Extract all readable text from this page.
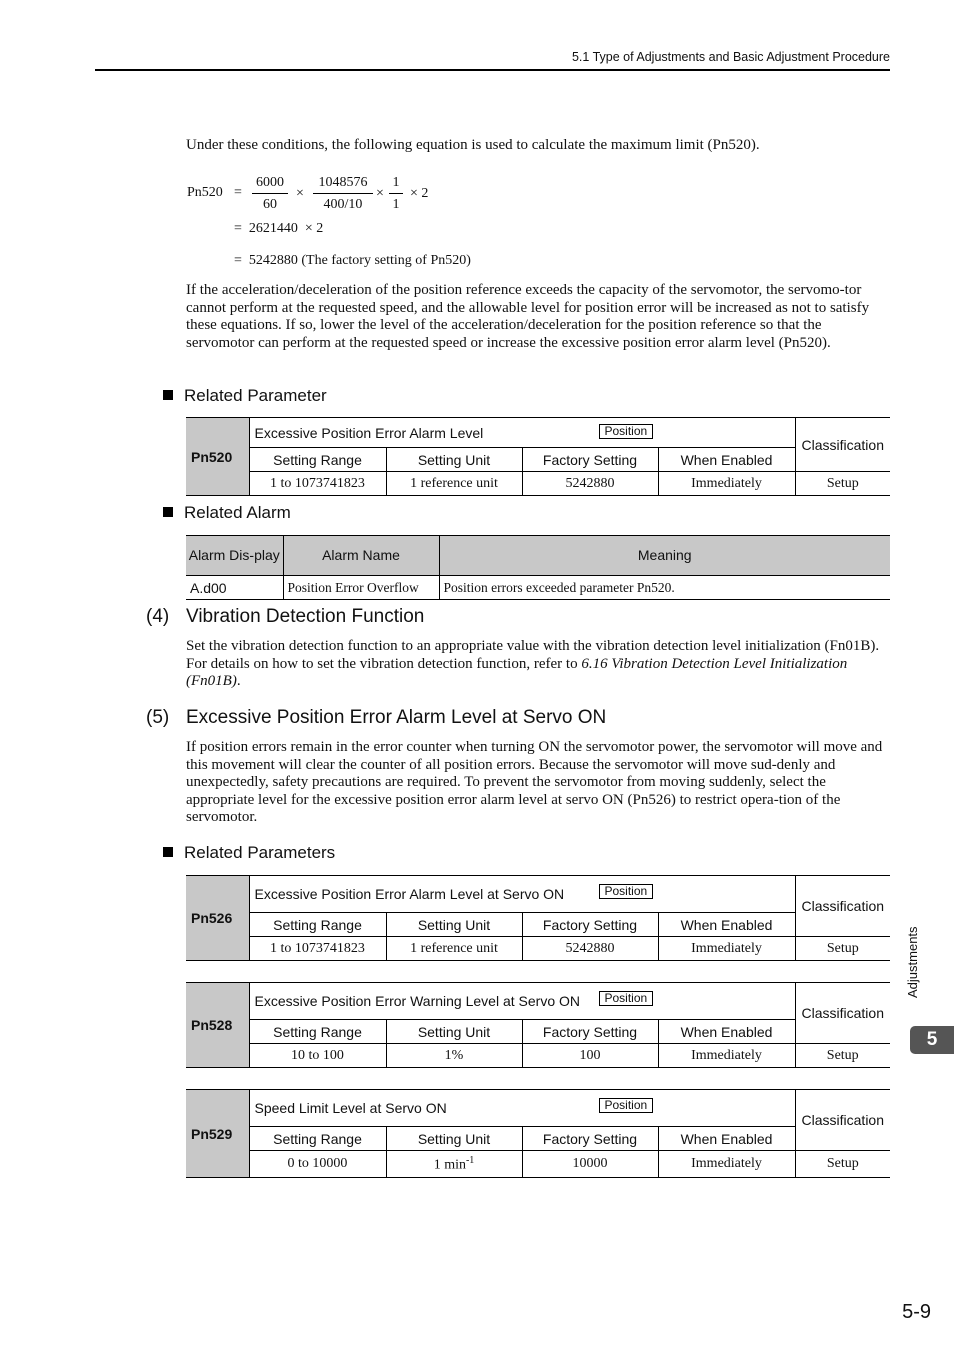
5.1 Type of Adjustments and Basic Adjustment Procedure
Under these conditions, the following equation is used to calculate the maximum limit (Pn520).
Pn520 =
6000
60
×
1048576
400/10
×
1
1
× 2
=  2621440  × 2
=  5242880 (The factory setting of Pn520)
If the acceleration/deceleration of the position reference exceeds the capacity of the servomotor, the servomo-tor cannot perform at the requested speed, and the allowable level for position error will be increased as not to satisfy these equations. If so, lower the level of the acceleration/deceleration for the position reference so that the servomotor can perform at the requested speed or increase the excessive position error alarm level (Pn520).
Related Parameter
Pn520	Excessive Position Error Alarm Level Position				Classification
	Setting Range	Setting Unit	Factory Setting	When Enabled	
	1 to 1073741823	1 reference unit	5242880	Immediately	Setup
Related Alarm
Alarm Dis-play	Alarm Name	Meaning
A.d00	Position Error Overflow	Position errors exceeded parameter Pn520.
(4) Vibration Detection Function
Set the vibration detection function to an appropriate value with the vibration detection level initialization (Fn01B). For details on how to set the vibration detection function, refer to 6.16 Vibration Detection Level Initialization (Fn01B).
(5) Excessive Position Error Alarm Level at Servo ON
If position errors remain in the error counter when turning ON the servomotor power, the servomotor will move and this movement will clear the counter of all position errors. Because the servomotor will move sud-denly and unexpectedly, safety precautions are required. To prevent the servomotor from moving suddenly, select the appropriate level for the excessive position error alarm level at servo ON (Pn526) to restrict opera-tion of the servomotor.
Related Parameters
Pn526	Excessive Position Error Alarm Level at Servo ON Position				Classification
	Setting Range	Setting Unit	Factory Setting	When Enabled	
	1 to 1073741823	1 reference unit	5242880	Immediately	Setup
Pn528	Excessive Position Error Warning Level at Servo ON Position				Classification
	Setting Range	Setting Unit	Factory Setting	When Enabled	
	10 to 100	1%	100	Immediately	Setup
Pn529	Speed Limit Level at Servo ON Position				Classification
	Setting Range	Setting Unit	Factory Setting	When Enabled	
	0 to 10000	1 $\min^{-1}$	10000	Immediately	Setup
Adjustments
5
5-9
